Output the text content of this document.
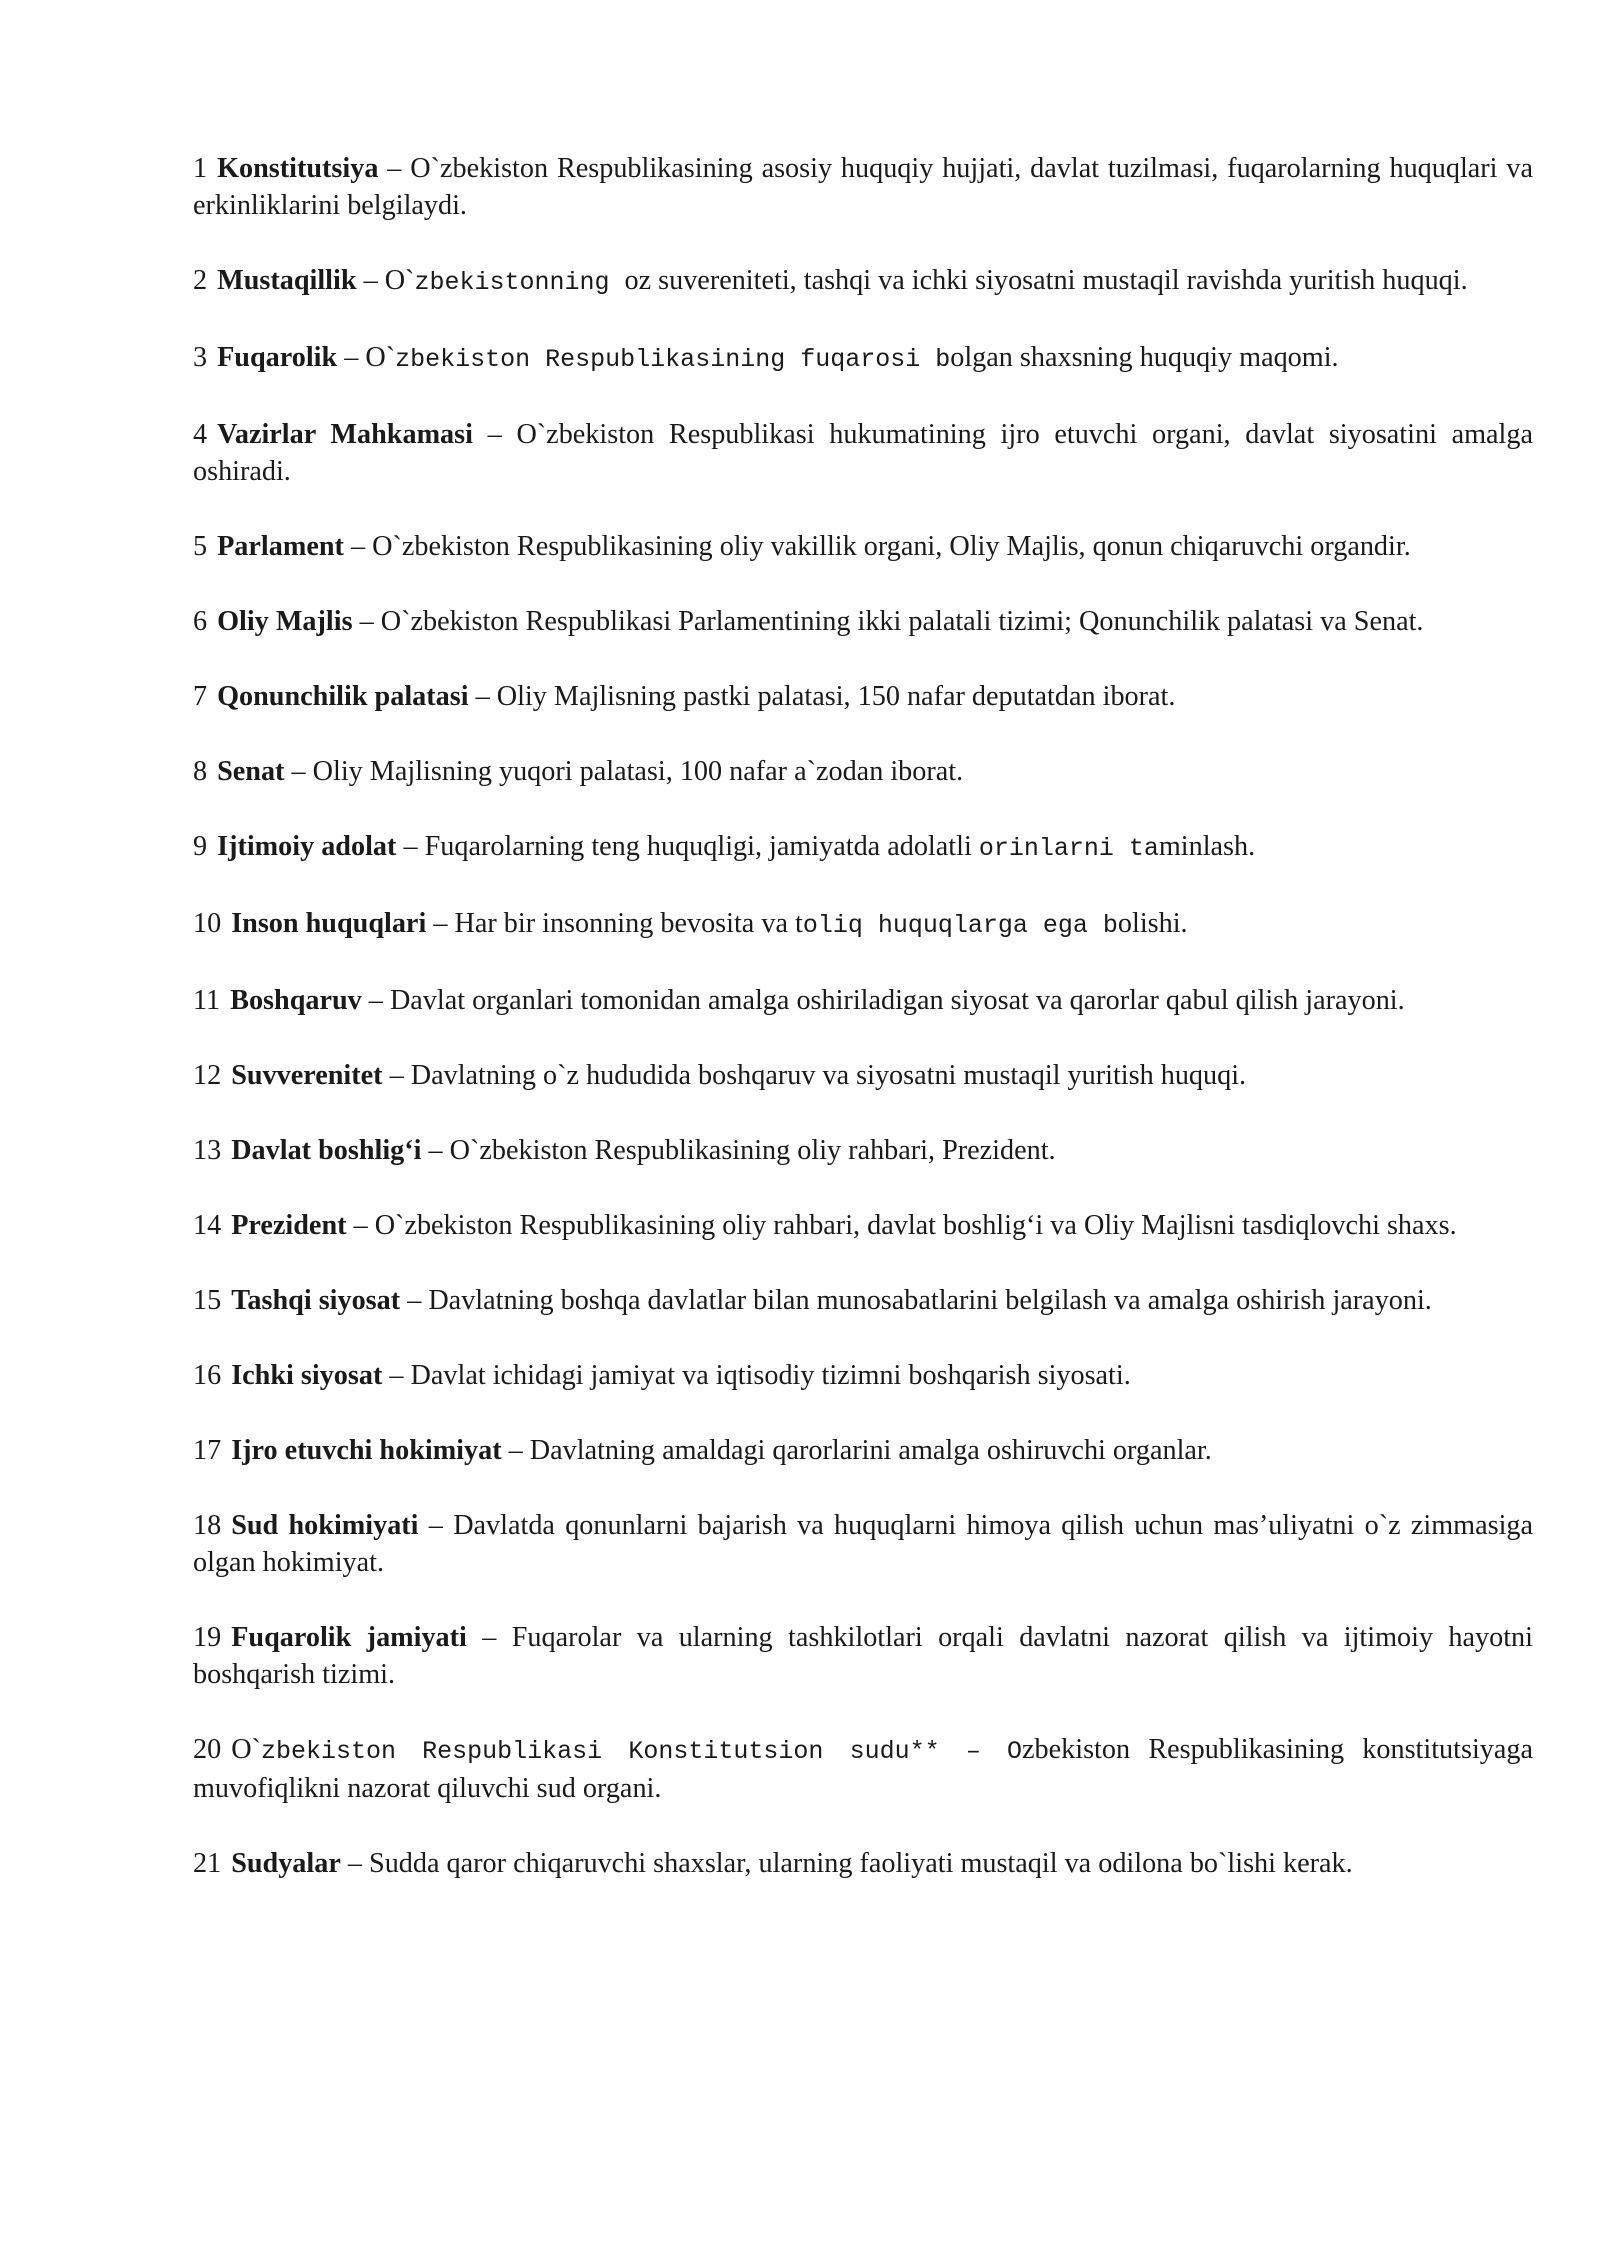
1 Konstitutsiya – O`zbekiston Respublikasining asosiy huquqiy hujjati, davlat tuzilmasi, fuqarolarning huquqlari va erkinliklarini belgilaydi.

2 Mustaqillik – O`zbekistonning oz suvereniteti, tashqi va ichki siyosatni mustaqil ravishda yuritish huquqi.

3 Fuqarolik – O`zbekiston Respublikasining fuqarosi bolgan shaxsning huquqiy maqomi.

4 Vazirlar Mahkamasi – O`zbekiston Respublikasi hukumatining ijro etuvchi organi, davlat siyosatini amalga oshiradi.

5 Parlament – O`zbekiston Respublikasining oliy vakillik organi, Oliy Majlis, qonun chiqaruvchi organdir.

6 Oliy Majlis – O`zbekiston Respublikasi Parlamentining ikki palatali tizimi; Qonunchilik palatasi va Senat.

7 Qonunchilik palatasi – Oliy Majlisning pastki palatasi, 150 nafar deputatdan iborat.

8 Senat – Oliy Majlisning yuqori palatasi, 100 nafar a`zodan iborat.

9 Ijtimoiy adolat – Fuqarolarning teng huquqligi, jamiyatda adolatli orinlarni taminlash.

10 Inson huquqlari – Har bir insonning bevosita va toliq huquqlarga ega bolishi.

11 Boshqaruv – Davlat organlari tomonidan amalga oshiriladigan siyosat va qarorlar qabul qilish jarayoni.

12 Suvverenitet – Davlatning o`z hududida boshqaruv va siyosatni mustaqil yuritish huquqi.

13 Davlat boshlig‘i – O`zbekiston Respublikasining oliy rahbari, Prezident.

14 Prezident – O`zbekiston Respublikasining oliy rahbari, davlat boshlig‘i va Oliy Majlisni tasdiqlovchi shaxs.

15 Tashqi siyosat – Davlatning boshqa davlatlar bilan munosabatlarini belgilash va amalga oshirish jarayoni.

16 Ichki siyosat – Davlat ichidagi jamiyat va iqtisodiy tizimni boshqarish siyosati.

17 Ijro etuvchi hokimiyat – Davlatning amaldagi qarorlarini amalga oshiruvchi organlar.

18 Sud hokimiyati – Davlatda qonunlarni bajarish va huquqlarni himoya qilish uchun mas’uliyatni o`z zimmasiga olgan hokimiyat.

19 Fuqarolik jamiyati – Fuqarolar va ularning tashkilotlari orqali davlatni nazorat qilish va ijtimoiy hayotni boshqarish tizimi.

20 O`zbekiston Respublikasi Konstitutsion sudu** – Ozbekiston Respublikasining konstitutsiyaga muvofiqlikni nazorat qiluvchi sud organi.

21 Sudyalar – Sudda qaror chiqaruvchi shaxslar, ularning faoliyati mustaqil va odilona bo`lishi kerak.
